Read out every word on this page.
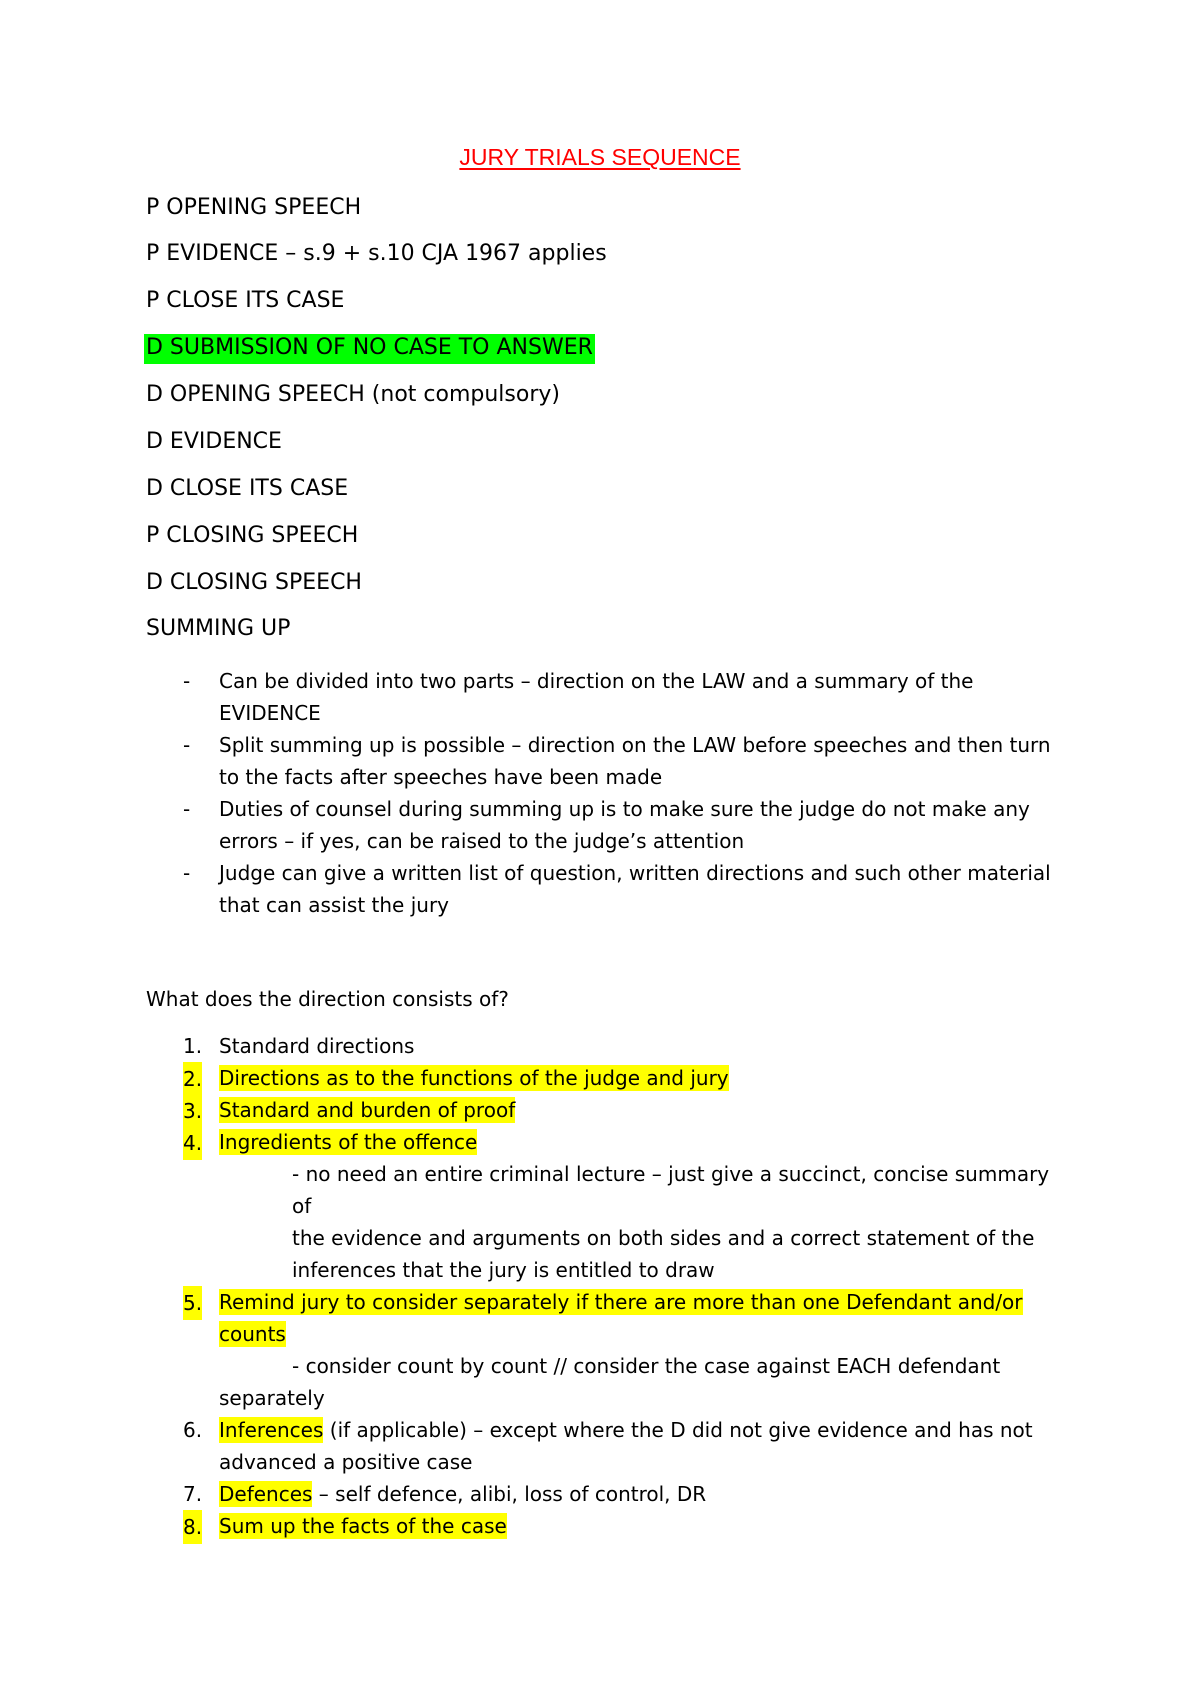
JURY TRIALS SEQUENCE
P OPENING SPEECH
P EVIDENCE – s.9 + s.10 CJA 1967 applies
P CLOSE ITS CASE
D SUBMISSION OF NO CASE TO ANSWER
D OPENING SPEECH (not compulsory)
D EVIDENCE
D CLOSE ITS CASE
P CLOSING SPEECH
D CLOSING SPEECH
SUMMING UP
- Can be divided into two parts – direction on the LAW and a summary of the EVIDENCE
- Split summing up is possible – direction on the LAW before speeches and then turn to the facts after speeches have been made
- Duties of counsel during summing up is to make sure the judge do not make any errors – if yes, can be raised to the judge’s attention
- Judge can give a written list of question, written directions and such other material that can assist the jury
What does the direction consists of?
1. Standard directions
2. Directions as to the functions of the judge and jury
3. Standard and burden of proof
4. Ingredients of the offence
- no need an entire criminal lecture – just give a succinct, concise summary of
the evidence and arguments on both sides and a correct statement of the
inferences that the jury is entitled to draw
5. Remind jury to consider separately if there are more than one Defendant and/or
counts
- consider count by count // consider the case against EACH defendant
separately
6. Inferences (if applicable) – except where the D did not give evidence and has not
advanced a positive case
7. Defences – self defence, alibi, loss of control, DR
8. Sum up the facts of the case
